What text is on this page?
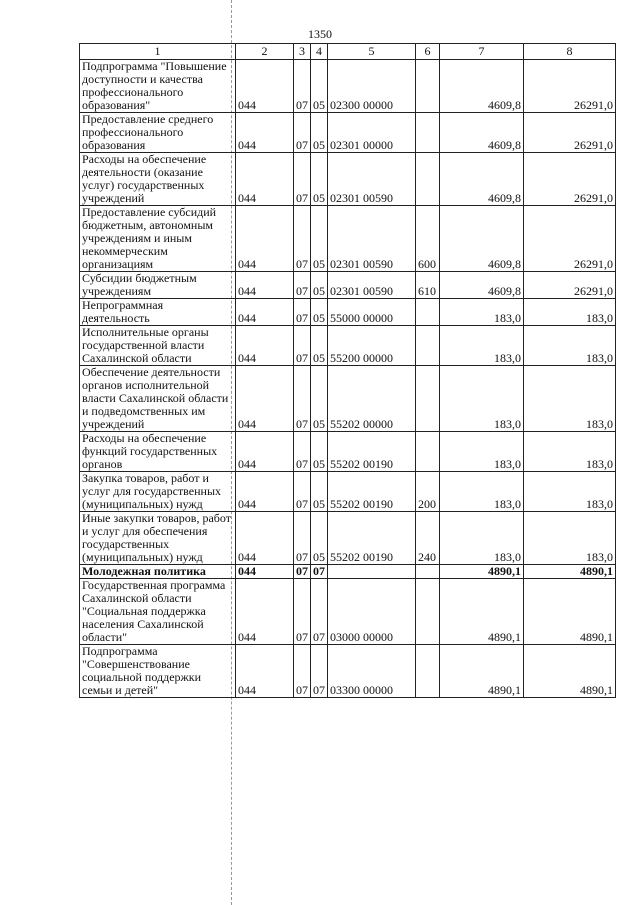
1350
1	2	3	4	5	6	7	8
Подпрограмма "Повышение доступности и качества профессионального образования"	044	07	05	02300 00000		4609,8	26291,0
Предоставление среднего профессионального образования	044	07	05	02301 00000		4609,8	26291,0
Расходы на обеспечение деятельности (оказание услуг) государственных учреждений	044	07	05	02301 00590		4609,8	26291,0
Предоставление субсидий бюджетным, автономным учреждениям и иным некоммерческим организациям	044	07	05	02301 00590	600	4609,8	26291,0
Субсидии бюджетным учреждениям	044	07	05	02301 00590	610	4609,8	26291,0
Непрограммная деятельность	044	07	05	55000 00000		183,0	183,0
Исполнительные органы государственной власти Сахалинской области	044	07	05	55200 00000		183,0	183,0
Обеспечение деятельности органов исполнительной власти Сахалинской области и подведомственных им учреждений	044	07	05	55202 00000		183,0	183,0
Расходы на обеспечение функций государственных органов	044	07	05	55202 00190		183,0	183,0
Закупка товаров, работ и услуг для государственных (муниципальных) нужд	044	07	05	55202 00190	200	183,0	183,0
Иные закупки товаров, работ и услуг для обеспечения государственных (муниципальных) нужд	044	07	05	55202 00190	240	183,0	183,0
Молодежная политика	044	07	07			4890,1	4890,1
Государственная программа Сахалинской области "Социальная поддержка населения Сахалинской области"	044	07	07	03000 00000		4890,1	4890,1
Подпрограмма "Совершенствование социальной поддержки семьи и детей"	044	07	07	03300 00000		4890,1	4890,1
